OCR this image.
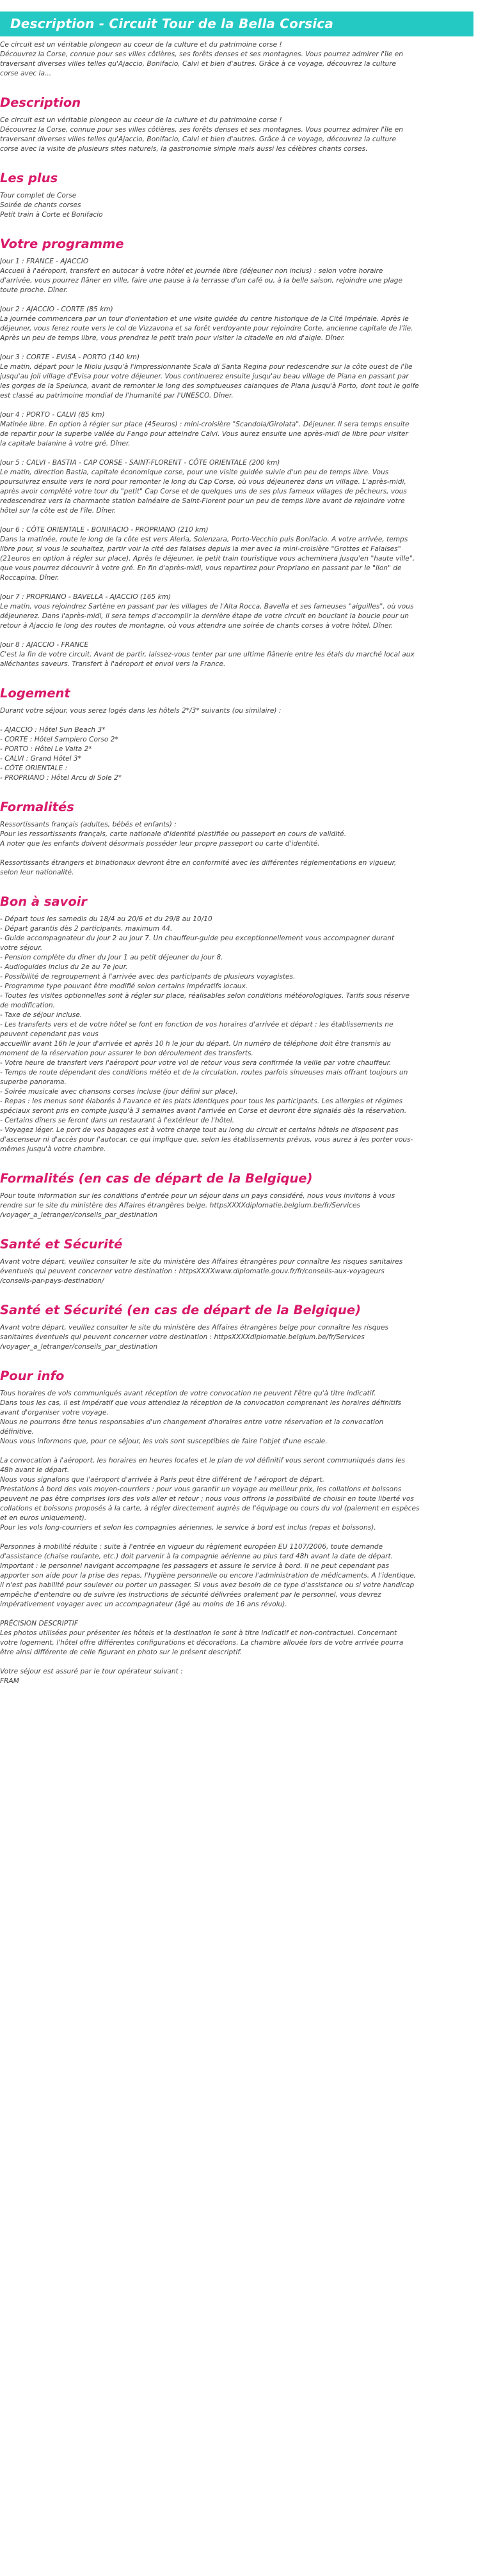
Description - Circuit Tour de la Bella Corsica
Ce circuit est un véritable plongeon au coeur de la culture et du patrimoine corse !
Découvrez la Corse, connue pour ses villes côtières, ses forêts denses et ses montagnes. Vous pourrez admirer l'île en
traversant diverses villes telles qu'Ajaccio, Bonifacio, Calvi et bien d'autres. Grâce à ce voyage, découvrez la culture
corse avec la...
Description
Ce circuit est un véritable plongeon au coeur de la culture et du patrimoine corse !
Découvrez la Corse, connue pour ses villes côtières, ses forêts denses et ses montagnes. Vous pourrez admirer l'île en
traversant diverses villes telles qu'Ajaccio, Bonifacio, Calvi et bien d'autres. Grâce à ce voyage, découvrez la culture
corse avec la visite de plusieurs sites naturels, la gastronomie simple mais aussi les célèbres chants corses.
Les plus
Tour complet de Corse
Soirée de chants corses
Petit train à Corte et Bonifacio
Votre programme
Jour 1 : FRANCE - AJACCIO
Accueil à l'aéroport, transfert en autocar à votre hôtel et journée libre (déjeuner non inclus) : selon votre horaire
d'arrivée, vous pourrez flâner en ville, faire une pause à la terrasse d'un café ou, à la belle saison, rejoindre une plage
toute proche. Dîner.
Jour 2 : AJACCIO - CORTE (85 km)
La journée commencera par un tour d'orientation et une visite guidée du centre historique de la Cité Impériale. Après le
déjeuner, vous ferez route vers le col de Vizzavona et sa forêt verdoyante pour rejoindre Corte, ancienne capitale de l'île.
Après un peu de temps libre, vous prendrez le petit train pour visiter la citadelle en nid d'aigle. Dîner.
Jour 3 : CORTE - EVISA - PORTO (140 km)
Le matin, départ pour le Niolu jusqu'à l'impressionnante Scala di Santa Regina pour redescendre sur la côte ouest de l'île
jusqu'au joli village d'Evisa pour votre déjeuner. Vous continuerez ensuite jusqu'au beau village de Piana en passant par
les gorges de la Spelunca, avant de remonter le long des somptueuses calanques de Piana jusqu'à Porto, dont tout le golfe
est classé au patrimoine mondial de l'humanité par l'UNESCO. Dîner.
Jour 4 : PORTO - CALVI (85 km)
Matinée libre. En option à régler sur place (45euros) : mini-croisière "Scandola/Girolata". Déjeuner. Il sera temps ensuite
de repartir pour la superbe vallée du Fango pour atteindre Calvi. Vous aurez ensuite une après-midi de libre pour visiter
la capitale balanine à votre gré. Dîner.
Jour 5 : CALVI - BASTIA - CAP CORSE - SAINT-FLORENT - CÔTE ORIENTALE (200 km)
Le matin, direction Bastia, capitale économique corse, pour une visite guidée suivie d'un peu de temps libre. Vous
poursuivrez ensuite vers le nord pour remonter le long du Cap Corse, où vous déjeunerez dans un village. L'après-midi,
après avoir complété votre tour du "petit" Cap Corse et de quelques uns de ses plus fameux villages de pêcheurs, vous
redescendrez vers la charmante station balnéaire de Saint-Florent pour un peu de temps libre avant de rejoindre votre
hôtel sur la côte est de l'île. Dîner.
Jour 6 : CÔTE ORIENTALE - BONIFACIO - PROPRIANO (210 km)
Dans la matinée, route le long de la côte est vers Aleria, Solenzara, Porto-Vecchio puis Bonifacio. A votre arrivée, temps
libre pour, si vous le souhaitez, partir voir la cité des falaises depuis la mer avec la mini-croisière "Grottes et Falaises"
(21euros en option à régler sur place). Après le déjeuner, le petit train touristique vous acheminera jusqu'en "haute ville",
que vous pourrez découvrir à votre gré. En fin d'après-midi, vous repartirez pour Propriano en passant par le "lion" de
Roccapina. Dîner.
Jour 7 : PROPRIANO - BAVELLA - AJACCIO (165 km)
Le matin, vous rejoindrez Sartène en passant par les villages de l'Alta Rocca, Bavella et ses fameuses "aiguilles", où vous
déjeunerez. Dans l'après-midi, il sera temps d'accomplir la dernière étape de votre circuit en bouclant la boucle pour un
retour à Ajaccio le long des routes de montagne, où vous attendra une soirée de chants corses à votre hôtel. Dîner.
Jour 8 : AJACCIO - FRANCE
C'est la fin de votre circuit. Avant de partir, laissez-vous tenter par une ultime flânerie entre les étals du marché local aux
alléchantes saveurs. Transfert à l'aéroport et envol vers la France.
Logement

Durant votre séjour, vous serez logés dans les hôtels 2*/3* suivants (ou similaire) :

- AJACCIO : Hôtel Sun Beach 3*
- CORTE : Hôtel Sampiero Corso 2*
- PORTO : Hôtel Le Vaita 2*
- CALVI : Grand Hôtel 3*
- CÔTE ORIENTALE :
- PROPRIANO : Hôtel Arcu di Sole 2*
Formalités
Ressortissants français (adultes, bébés et enfants) :
Pour les ressortissants français, carte nationale d'identité plastifiée ou passeport en cours de validité.
A noter que les enfants doivent désormais posséder leur propre passeport ou carte d'identité.
Ressortissants étrangers et binationaux devront être en conformité avec les différentes réglementations en vigueur,
selon leur nationalité.
Bon à savoir
- Départ tous les samedis du 18/4 au 20/6 et du 29/8 au 10/10
- Départ garantis dès 2 participants, maximum 44.
- Guide accompagnateur du jour 2 au jour 7. Un chauffeur-guide peu exceptionnellement vous accompagner durant
votre séjour.
- Pension complète du dîner du Jour 1 au petit déjeuner du jour 8.
- Audioguides inclus du 2e au 7e jour.
- Possibilité de regroupement à l'arrivée avec des participants de plusieurs voyagistes.
- Programme type pouvant être modifié selon certains impératifs locaux.
- Toutes les visites optionnelles sont à régler sur place, réalisables selon conditions météorologiques. Tarifs sous réserve
de modification.
- Taxe de séjour incluse.
- Les transferts vers et de votre hôtel se font en fonction de vos horaires d'arrivée et départ : les établissements ne
peuvent cependant pas vous
accueillir avant 16h le jour d'arrivée et après 10 h le jour du départ. Un numéro de téléphone doit être transmis au
moment de la réservation pour assurer le bon déroulement des transferts.
- Votre heure de transfert vers l'aéroport pour votre vol de retour vous sera confirmée la veille par votre chauffeur.
- Temps de route dépendant des conditions météo et de la circulation, routes parfois sinueuses mais offrant toujours un
superbe panorama.
- Soirée musicale avec chansons corses incluse (jour défini sur place).
- Repas : les menus sont élaborés à l'avance et les plats identiques pour tous les participants. Les allergies et régimes
spéciaux seront pris en compte jusqu'à 3 semaines avant l'arrivée en Corse et devront être signalés dès la réservation.
- Certains dîners se feront dans un restaurant à l'extérieur de l'hôtel.
- Voyagez léger. Le port de vos bagages est à votre charge tout au long du circuit et certains hôtels ne disposent pas
d'ascenseur ni d'accès pour l'autocar, ce qui implique que, selon les établissements prévus, vous aurez à les porter vous-
mêmes jusqu'à votre chambre.
Formalités (en cas de départ de la Belgique)
Pour toute information sur les conditions d'entrée pour un séjour dans un pays considéré, nous vous invitons à vous
rendre sur le site du ministère des Affaires étrangères belge. httpsXXXXdiplomatie.belgium.be/fr/Services
/voyager_a_letranger/conseils_par_destination
Santé et Sécurité
Avant votre départ, veuillez consulter le site du ministère des Affaires étrangères pour connaître les risques sanitaires
éventuels qui peuvent concerner votre destination : httpsXXXXwww.diplomatie.gouv.fr/fr/conseils-aux-voyageurs
/conseils-par-pays-destination/
Santé et Sécurité (en cas de départ de la Belgique)
Avant votre départ, veuillez consulter le site du ministère des Affaires étrangères belge pour connaître les risques
sanitaires éventuels qui peuvent concerner votre destination : httpsXXXXdiplomatie.belgium.be/fr/Services
/voyager_a_letranger/conseils_par_destination
Pour info
Tous horaires de vols communiqués avant réception de votre convocation ne peuvent l'être qu'à titre indicatif.
Dans tous les cas, il est impératif que vous attendiez la réception de la convocation comprenant les horaires définitifs
avant d'organiser votre voyage.
Nous ne pourrons être tenus responsables d'un changement d'horaires entre votre réservation et la convocation
définitive.
Nous vous informons que, pour ce séjour, les vols sont susceptibles de faire l'objet d'une escale.
La convocation à l'aéroport, les horaires en heures locales et le plan de vol définitif vous seront communiqués dans les
48h avant le départ.
Nous vous signalons que l'aéroport d'arrivée à Paris peut être différent de l'aéroport de départ.
Prestations à bord des vols moyen-courriers : pour vous garantir un voyage au meilleur prix, les collations et boissons
peuvent ne pas être comprises lors des vols aller et retour ; nous vous offrons la possibilité de choisir en toute liberté vos
collations et boissons proposés à la carte, à régler directement auprès de l'équipage ou cours du vol (paiement en espèces
et en euros uniquement).
Pour les vols long-courriers et selon les compagnies aériennes, le service à bord est inclus (repas et boissons).
Personnes à mobilité réduite : suite à l'entrée en vigueur du règlement européen EU 1107/2006, toute demande
d'assistance (chaise roulante, etc.) doit parvenir à la compagnie aérienne au plus tard 48h avant la date de départ.
Important : le personnel navigant accompagne les passagers et assure le service à bord. Il ne peut cependant pas
apporter son aide pour la prise des repas, l'hygiène personnelle ou encore l'administration de médicaments. A l'identique,
il n'est pas habilité pour soulever ou porter un passager. Si vous avez besoin de ce type d'assistance ou si votre handicap
empêche d'entendre ou de suivre les instructions de sécurité délivrées oralement par le personnel, vous devrez
impérativement voyager avec un accompagnateur (âgé au moins de 16 ans révolu).
PRÉCISION DESCRIPTIF
Les photos utilisées pour présenter les hôtels et la destination le sont à titre indicatif et non-contractuel. Concernant
votre logement, l'hôtel offre différentes configurations et décorations. La chambre allouée lors de votre arrivée pourra
être ainsi différente de celle figurant en photo sur le présent descriptif.
Votre séjour est assuré par le tour opérateur suivant :
FRAM
